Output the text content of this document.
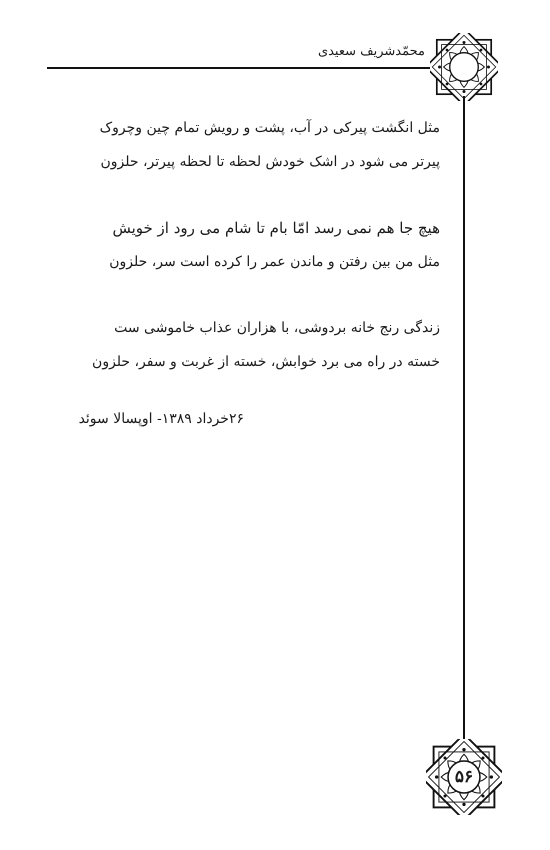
محمّدشریف سعیدی
مثل انگشت پیرکی در آب، پشت و رویش تمام چین وچروک
پیرتر می شود در اشک خودش لحظه تا لحظه پیرتر، حلزون
هیچ جا هم نمی رسد امّا بام تا شام می رود از خویش
مثل من بین رفتن و ماندن عمر را کرده است سر، حلزون
زندگی رنج خانه بردوشی، با هزاران عذاب خاموشی ست
خسته در راه می برد خوابش، خسته از غربت و سفر، حلزون
۲۶خرداد ۱۳۸۹- اوپسالا سوئد
۵۶
